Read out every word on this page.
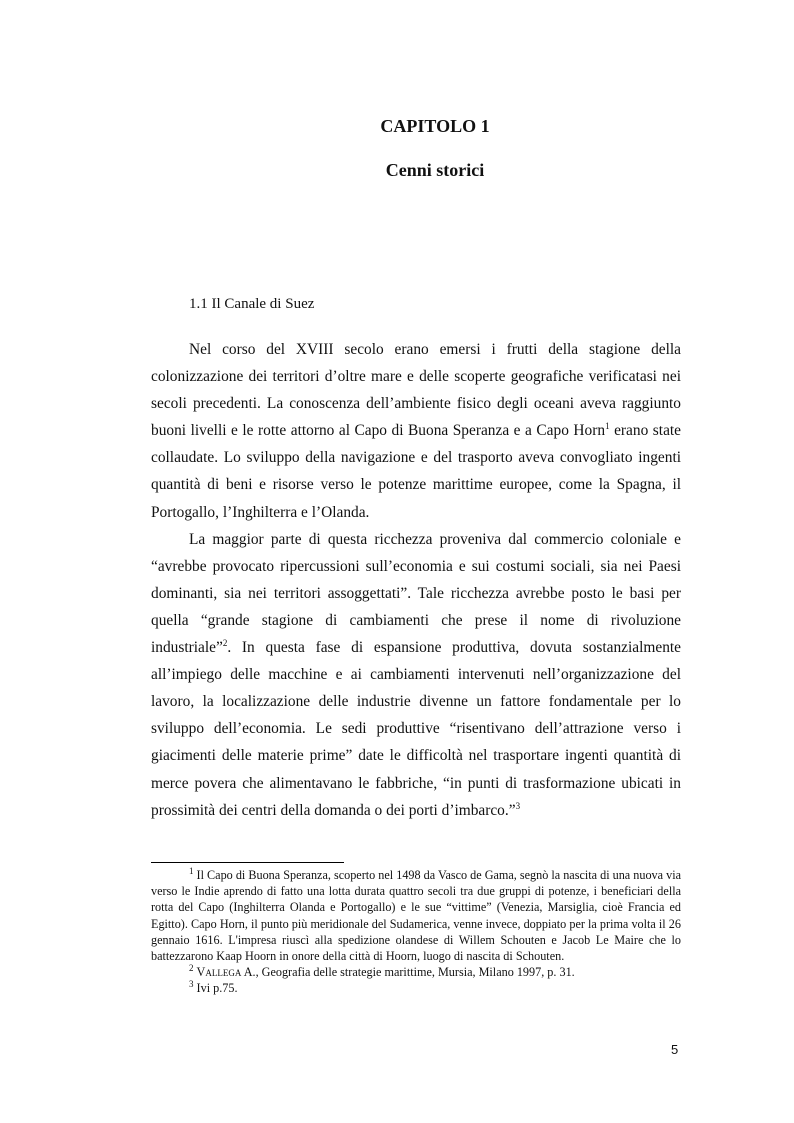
CAPITOLO 1
Cenni storici
1.1 Il Canale di Suez

Nel corso del XVIII secolo erano emersi i frutti della stagione della colonizzazione dei territori d’oltre mare e delle scoperte geografiche verificatasi nei secoli precedenti. La conoscenza dell’ambiente fisico degli oceani aveva raggiunto buoni livelli e le rotte attorno al Capo di Buona Speranza e a Capo Horn$^1$ erano state collaudate. Lo sviluppo della navigazione e del trasporto aveva convogliato ingenti quantità di beni e risorse verso le potenze marittime europee, come la Spagna, il Portogallo, l’Inghilterra e l’Olanda.

La maggior parte di questa ricchezza proveniva dal commercio coloniale e “avrebbe provocato ripercussioni sull’economia e sui costumi sociali, sia nei Paesi dominanti, sia nei territori assoggettati”. Tale ricchezza avrebbe posto le basi per quella “grande stagione di cambiamenti che prese il nome di rivoluzione industriale”$^2$. In questa fase di espansione produttiva, dovuta sostanzialmente all’impiego delle macchine e ai cambiamenti intervenuti nell’organizzazione del lavoro, la localizzazione delle industrie divenne un fattore fondamentale per lo sviluppo dell’economia. Le sedi produttive “risentivano dell’attrazione verso i giacimenti delle materie prime” date le difficoltà nel trasportare ingenti quantità di merce povera che alimentavano le fabbriche, “in punti di trasformazione ubicati in prossimità dei centri della domanda o dei porti d’imbarco.”$^3$

$^1$ Il Capo di Buona Speranza, scoperto nel 1498 da Vasco de Gama, segnò la nascita di una nuova via verso le Indie aprendo di fatto una lotta durata quattro secoli tra due gruppi di potenze, i beneficiari della rotta del Capo (Inghilterra Olanda e Portogallo) e le sue “vittime” (Venezia, Marsiglia, cioè Francia ed Egitto). Capo Horn, il punto più meridionale del Sudamerica, venne invece, doppiato per la prima volta il 26 gennaio 1616. L'impresa riuscì alla spedizione olandese di Willem Schouten e Jacob Le Maire che lo battezzarono Kaap Hoorn in onore della città di Hoorn, luogo di nascita di Schouten.

$^2$ Vallega A., Geografia delle strategie marittime, Mursia, Milano 1997, p. 31.

$^3$ Ivi p.75.

5
